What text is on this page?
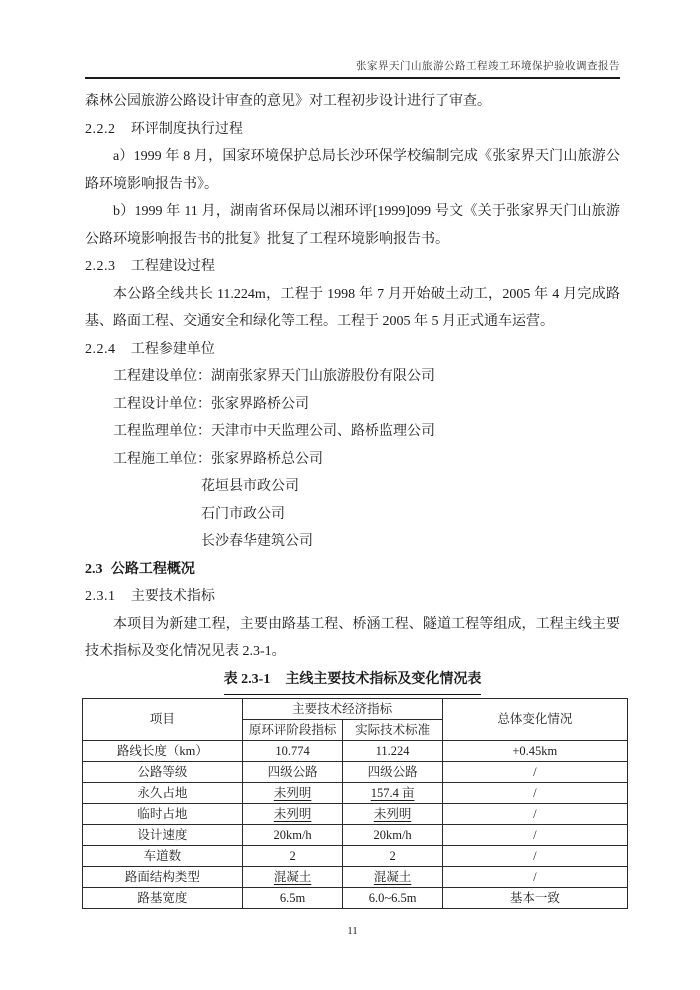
张家界天门山旅游公路工程竣工环境保护验收调查报告

森林公园旅游公路设计审查的意见》对工程初步设计进行了审查。

2.2.2 环评制度执行过程

a）1999 年 8 月，国家环境保护总局长沙环保学校编制完成《张家界天门山旅游公路环境影响报告书》。

b）1999 年 11 月，湖南省环保局以湘环评[1999]099 号文《关于张家界天门山旅游公路环境影响报告书的批复》批复了工程环境影响报告书。

2.2.3 工程建设过程

本公路全线共长 11.224m，工程于 1998 年 7 月开始破土动工，2005 年 4 月完成路基、路面工程、交通安全和绿化等工程。工程于 2005 年 5 月正式通车运营。

2.2.4 工程参建单位

工程建设单位：湖南张家界天门山旅游股份有限公司

工程设计单位：张家界路桥公司

工程监理单位：天津市中天监理公司、路桥监理公司

工程施工单位：张家界路桥总公司

花垣县市政公司

石门市政公司

长沙春华建筑公司

2.3 公路工程概况

2.3.1 主要技术指标

本项目为新建工程，主要由路基工程、桥涵工程、隧道工程等组成，工程主线主要技术指标及变化情况见表 2.3-1。

表 2.3-1 主线主要技术指标及变化情况表

项目	主要技术经济指标		总体变化情况
	原环评阶段指标	实际技术标准	
路线长度（km）	10.774	11.224	+0.45km
公路等级	四级公路	四级公路	/
永久占地	未列明	157.4 亩	/
临时占地	未列明	未列明	/
设计速度	20km/h	20km/h	/
车道数	2	2	/
路面结构类型	混凝土	混凝土	/
路基宽度	6.5m	6.0~6.5m	基本一致
11
